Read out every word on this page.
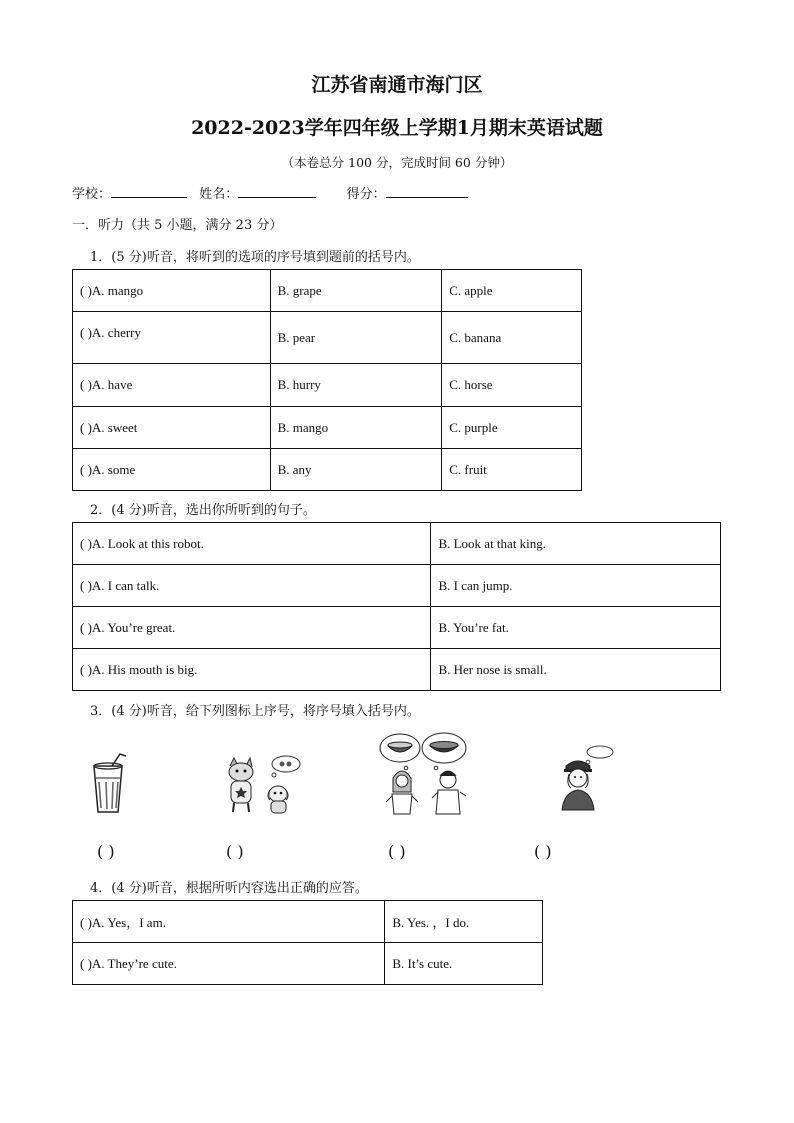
江苏省南通市海门区
2022-2023学年四年级上学期1月期末英语试题
（本卷总分 100 分，完成时间 60 分钟）
学校：	姓名：	得分：
一．听力（共 5 小题，满分 23 分）
1．(5 分)听音，将听到的选项的序号填到题前的括号内。
( )A. mango	B. grape	C. apple
( )A. cherry	B. pear	C. banana
( )A. have	B. hurry	C. horse
( )A. sweet	B. mango	C. purple
( )A. some	B. any	C. fruit
2．(4 分)听音，选出你所听到的句子。
( )A. Look at this robot.	B. Look at that king.
( )A. I can talk.	B. I can jump.
( )A. You’re great.	B. You’re fat.
( )A. His mouth is big.	B. Her nose is small.
3．(4 分)听音，给下列图标上序号，将序号填入括号内。
( )	( )	( )	( )
4．(4 分)听音，根据所听内容选出正确的应答。
( )A. Yes，I am.	B. Yes. ，I do.
( )A. They’re cute.	B. It’s cute.
